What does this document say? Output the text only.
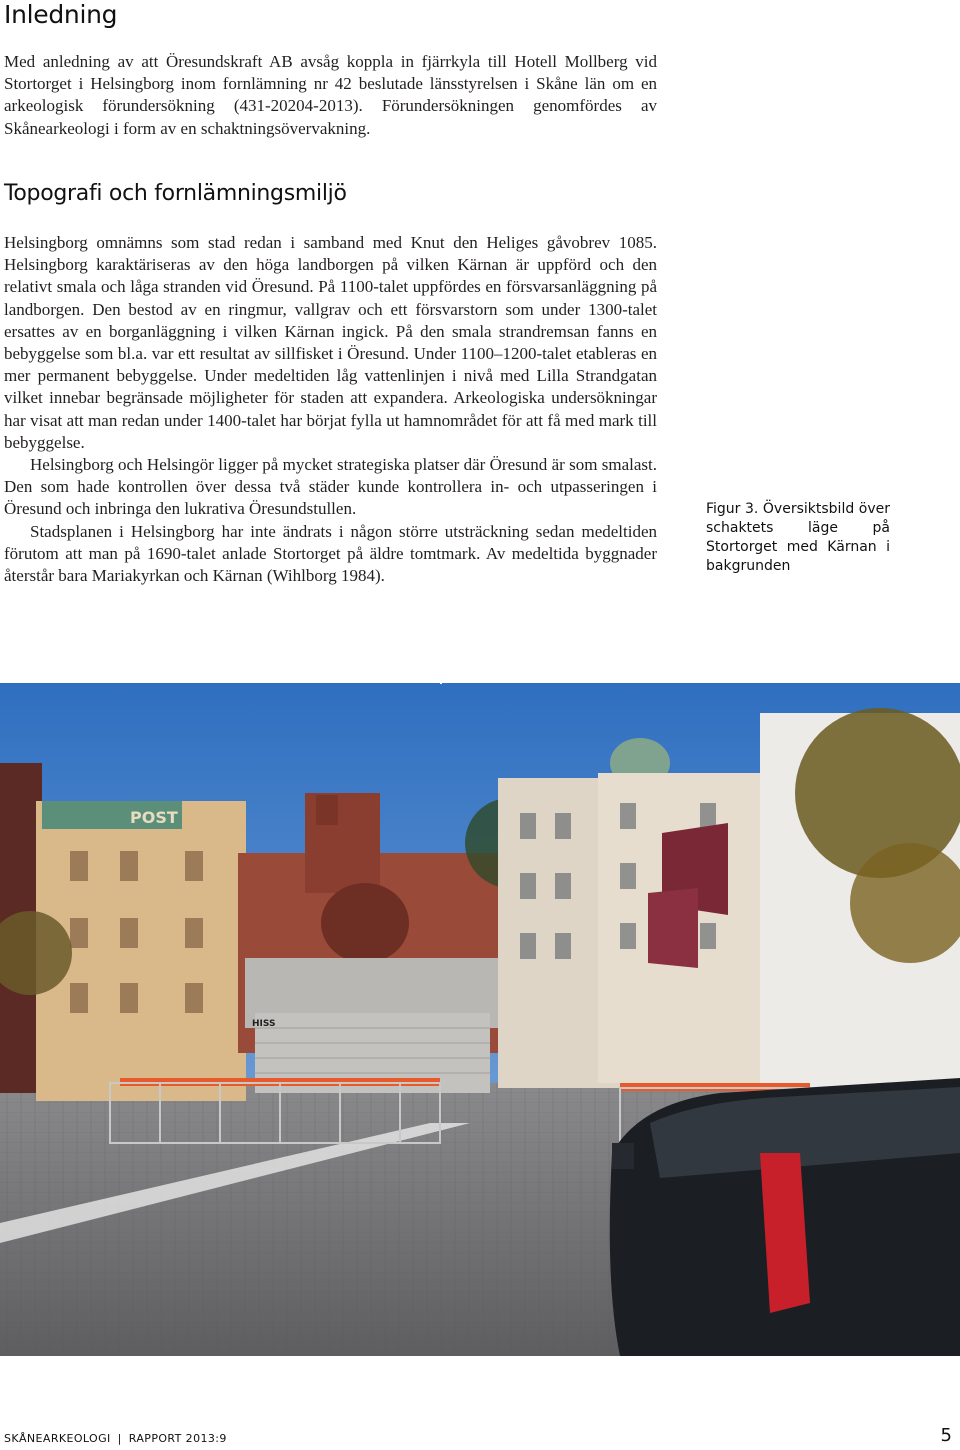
Inledning

Med anledning av att Öresundskraft AB avsåg koppla in fjärrkyla till Hotell Mollberg vid Stortorget i Helsingborg inom fornlämning nr 42 beslutade länsstyrelsen i Skåne län om en arkeologisk förundersökning (431-20204-2013). Förundersökningen genomfördes av Skånearkeologi i form av en schaktningsövervakning.

Topografi och fornlämningsmiljö

Helsingborg omnämns som stad redan i samband med Knut den Heliges gåvobrev 1085. Helsingborg karaktäriseras av den höga landborgen på vilken Kärnan är uppförd och den relativt smala och låga stranden vid Öresund. På 1100-talet uppfördes en försvarsanläggning på landborgen. Den bestod av en ringmur, vallgrav och ett försvarstorn som under 1300-talet ersattes av en borganläggning i vilken Kärnan ingick. På den smala strandremsan fanns en bebyggelse som bl.a. var ett resultat av sillfisket i Öresund. Under 1100–1200-talet etableras en mer permanent bebyggelse. Under medeltiden låg vattenlinjen i nivå med Lilla Strandgatan vilket innebar begränsade möjligheter för staden att expandera. Arkeologiska undersökningar har visat att man redan under 1400-talet har börjat fylla ut hamnområdet för att få med mark till bebyggelse.

Helsingborg och Helsingör ligger på mycket strategiska platser där Öresund är som smalast. Den som hade kontrollen över dessa två städer kunde kontrollera in- och utpasseringen i Öresund och inbringa den lukrativa Öresundstullen.

Stadsplanen i Helsingborg har inte ändrats i någon större utsträckning sedan medeltiden förutom att man på 1690-talet anlade Stortorget på äldre tomtmark. Av medeltida byggnader återstår bara Mariakyrkan och Kärnan (Wihlborg 1984).

Figur 3. Översiktsbild över schaktets läge på Stortorget med Kärnan i bakgrunden
POST
HISS
SKÅNEARKEOLOGI | RAPPORT 2013:9	5
